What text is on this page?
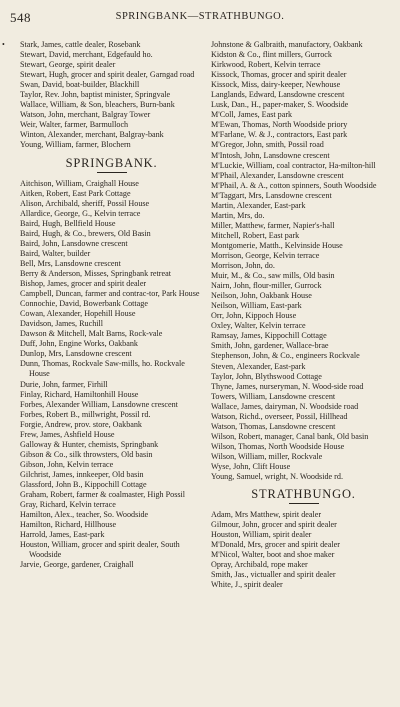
548	SPRINGBANK—STRATHBUNGO.
Stark, James, cattle dealer, Rosebank
•
Stewart, David, merchant, Edgefauld ho.
Stewart, George, spirit dealer
Stewart, Hugh, grocer and spirit dealer, Garngad road
Swan, David, boat-builder, Blackhill
Taylor, Rev. John, baptist minister, Springvale
Wallace, William, & Son, bleachers, Burn-bank
Watson, John, merchant, Balgray Tower
Weir, Walter, farmer, Barmulloch
Winton, Alexander, merchant, Balgray-bank
Young, William, farmer, Blochern
SPRINGBANK.
Aitchison, William, Craighall House
Aitken, Robert, East Park Cottage
Alison, Archibald, sheriff, Possil House
Allardice, George, G., Kelvin terrace
Baird, Hugh, Bellfield House
Baird, Hugh, & Co., brewers, Old Basin
Baird, John, Lansdowne crescent
Baird, Walter, builder
Bell, Mrs, Lansdowne crescent
Berry & Anderson, Misses, Springbank retreat
Bishop, James, grocer and spirit dealer
Campbell, Duncan, farmer and contrac-tor, Park House
Connochie, David, Bowerbank Cottage
Cowan, Alexander, Hopehill House
Davidson, James, Ruchill
Dawson & Mitchell, Malt Barns, Rock-vale
Duff, John, Engine Works, Oakbank
Dunlop, Mrs, Lansdowne crescent
Dunn, Thomas, Rockvale Saw-mills, ho. Rockvale House
Durie, John, farmer, Firhill
Finlay, Richard, Hamiltonhill House
Forbes, Alexander William, Lansdowne crescent
Forbes, Robert B., millwright, Possil rd.
Forgie, Andrew, prov. store, Oakbank
Frew, James, Ashfield House
Galloway & Hunter, chemists, Springbank
Gibson & Co., silk throwsters, Old basin
Gibson, John, Kelvin terrace
Gilchrist, James, innkeeper, Old basin
Glassford, John B., Kippochill Cottage
Graham, Robert, farmer & coalmaster, High Possil
Gray, Richard, Kelvin terrace
Hamilton, Alex., teacher, So. Woodside
Hamilton, Richard, Hillhouse
Harrold, James, East-park
Houston, William, grocer and spirit dealer, South Woodside
Jarvie, George, gardener, Craighall
Johnstone & Galbraith, manufactory, Oakbank
Kidston & Co., flint millers, Gurrock
Kirkwood, Robert, Kelvin terrace
Kissock, Thomas, grocer and spirit dealer
Kissock, Miss, dairy-keeper, Newhouse
Langlands, Edward, Lansdowne crescent
Lusk, Dan., H., paper-maker, S. Woodside
M'Coll, James, East park
M'Ewan, Thomas, North Woodside priory
M'Farlane, W. & J., contractors, East park
M'Gregor, John, smith, Possil road
M'Intosh, John, Lansdowne crescent
M'Luckie, William, coal contractor, Ha-milton-hill
M'Phail, Alexander, Lansdowne crescent
M'Phail, A. & A., cotton spinners, South Woodside
M'Taggart, Mrs, Lansdowne crescent
Martin, Alexander, East-park
Martin, Mrs, do.
Miller, Matthew, farmer, Napier's-hall
Mitchell, Robert, East park
Montgomerie, Matth., Kelvinside House
Morrison, George, Kelvin terrace
Morrison, John, do.
Muir, M., & Co., saw mills, Old basin
Nairn, John, flour-miller, Gurrock
Neilson, John, Oakbank House
Neilson, William, East-park
Orr, John, Kippoch House
Oxley, Walter, Kelvin terrace
Ramsay, James, Kippochill Cottage
Smith, John, gardener, Wallace-brae
Stephenson, John, & Co., engineers Rockvale
Steven, Alexander, East-park
Taylor, John, Blythswood Cottage
Thyne, James, nurseryman, N. Wood-side road
Towers, William, Lansdowne crescent
Wallace, James, dairyman, N. Woodside road
Watson, Richd., overseer, Possil, Hillhead
Watson, Thomas, Lansdowne crescent
Wilson, Robert, manager, Canal bank, Old basin
Wilson, Thomas, North Woodside House
Wilson, William, miller, Rockvale
Wyse, John, Clift House
Young, Samuel, wright, N. Woodside rd.
STRATHBUNGO.
Adam, Mrs Matthew, spirit dealer
Gilmour, John, grocer and spirit dealer
Houston, William, spirit dealer
M'Donald, Mrs, grocer and spirit dealer
M'Nicol, Walter, boot and shoe maker
Opray, Archibald, rope maker
Smith, Jas., victualler and spirit dealer
White, J., spirit dealer
